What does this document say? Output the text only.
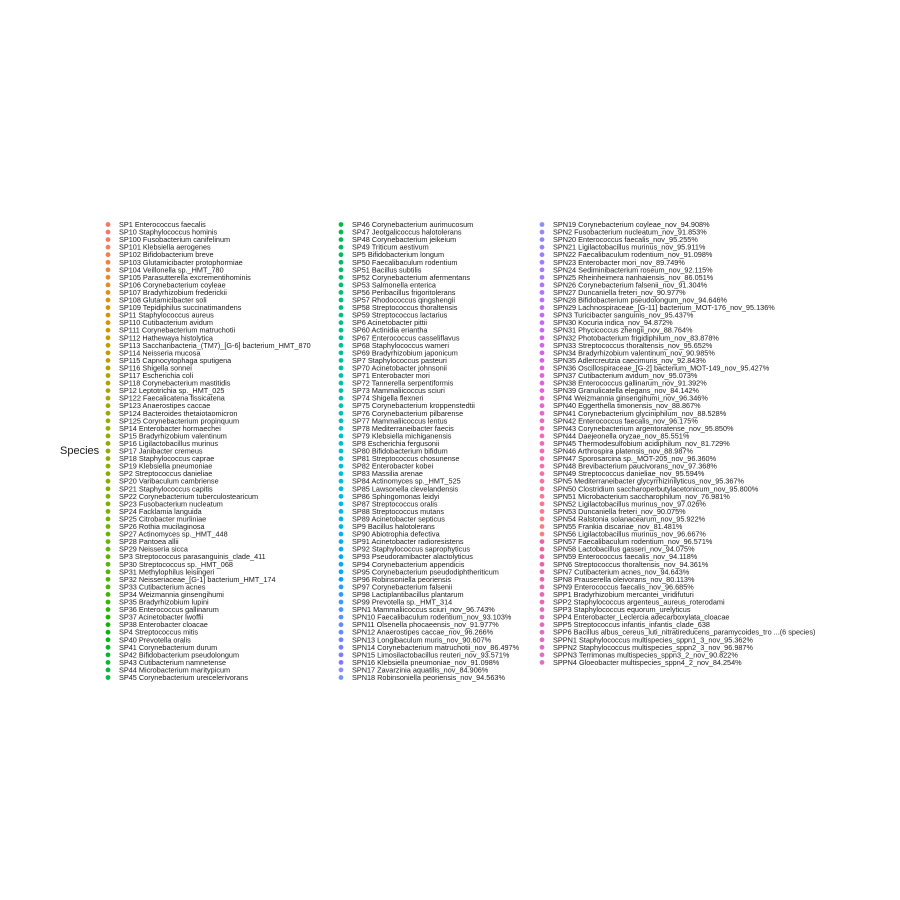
Species
SP1 Enterococcus faecalis
SP10 Staphylococcus hominis
SP100 Fusobacterium canifelinum
SP101 Klebsiella aerogenes
SP102 Bifidobacterium breve
SP103 Glutamicibacter protophormiae
SP104 Veillonella sp._HMT_780
SP105 Parasutterella excrementihominis
SP106 Corynebacterium coyleae
SP107 Bradyrhizobium frederickii
SP108 Glutamicibacter soli
SP109 Tepidiphilus succinatimandens
SP11 Staphylococcus aureus
SP110 Cutibacterium avidum
SP111 Corynebacterium matruchotii
SP112 Hathewaya histolytica
SP113 Saccharibacteria_(TM7)_[G-6] bacterium_HMT_870
SP114 Neisseria mucosa
SP115 Capnocytophaga sputigena
SP116 Shigella sonnei
SP117 Escherichia coli
SP118 Corynebacterium mastitidis
SP12 Leptotrichia sp._HMT_025
SP122 Faecalicatena fissicatena
SP123 Anaerostipes caccae
SP124 Bacteroides thetaiotaomicron
SP125 Corynebacterium propinquum
SP14 Enterobacter hormaechei
SP15 Bradyrhizobium valentinum
SP16 Ligilactobacillus murinus
SP17 Janibacter cremeus
SP18 Staphylococcus caprae
SP19 Klebsiella pneumoniae
SP2 Streptococcus danieliae
SP20 Varibaculum cambriense
SP21 Staphylococcus capitis
SP22 Corynebacterium tuberculostearicum
SP23 Fusobacterium nucleatum
SP24 Facklamia languida
SP25 Citrobacter murliniae
SP26 Rothia mucilaginosa
SP27 Actinomyces sp._HMT_448
SP28 Pantoea allii
SP29 Neisseria sicca
SP3 Streptococcus parasanguinis_clade_411
SP30 Streptococcus sp._HMT_068
SP31 Methylophilus leisingeri
SP32 Neisseriaceae_[G-1] bacterium_HMT_174
SP33 Cutibacterium acnes
SP34 Weizmannia ginsengihumi
SP35 Bradyrhizobium lupini
SP36 Enterococcus gallinarum
SP37 Acinetobacter lwoffii
SP38 Enterobacter cloacae
SP4 Streptococcus mitis
SP40 Prevotella oralis
SP41 Corynebacterium durum
SP42 Bifidobacterium pseudolongum
SP43 Cutibacterium namnetense
SP44 Microbacterium maritypicum
SP45 Corynebacterium ureicelerivorans
SP46 Corynebacterium aurimucosum
SP47 Jeotgalicoccus halotolerans
SP48 Corynebacterium jeikeium
SP49 Triticum aestivum
SP5 Bifidobacterium longum
SP50 Faecalibaculum rodentium
SP51 Bacillus subtilis
SP52 Corynebacterium afermentans
SP53 Salmonella enterica
SP56 Peribacillus frigoritolerans
SP57 Rhodococcus qingshengii
SP58 Streptococcus thoraltensis
SP59 Streptococcus lactarius
SP6 Acinetobacter pittii
SP60 Actinidia eriantha
SP67 Enterococcus casseliflavus
SP68 Staphylococcus warneri
SP69 Bradyrhizobium japonicum
SP7 Staphylococcus pasteuri
SP70 Acinetobacter johnsonii
SP71 Enterobacter mori
SP72 Tannerella serpentiformis
SP73 Mammaliicoccus sciuri
SP74 Shigella flexneri
SP75 Corynebacterium kroppenstedtii
SP76 Corynebacterium pilbarense
SP77 Mammaliicoccus lentus
SP78 Mediterraneibacter faecis
SP79 Klebsiella michiganensis
SP8 Escherichia fergusonii
SP80 Bifidobacterium bifidum
SP81 Streptococcus chosunense
SP82 Enterobacter kobei
SP83 Massilia arenae
SP84 Actinomyces sp._HMT_525
SP85 Lawsonella clevelandensis
SP86 Sphingomonas leidyi
SP87 Streptococcus oralis
SP88 Streptococcus mutans
SP89 Acinetobacter septicus
SP9 Bacillus halotolerans
SP90 Abiotrophia defectiva
SP91 Acinetobacter radioresistens
SP92 Staphylococcus saprophyticus
SP93 Pseudoramibacter alactolyticus
SP94 Corynebacterium appendicis
SP95 Corynebacterium pseudodiphtheriticum
SP96 Robinsoniella peoriensis
SP97 Corynebacterium falsenii
SP98 Lactiplantibacillus plantarum
SP99 Prevotella sp._HMT_314
SPN1 Mammaliicoccus sciuri_nov_96.743%
SPN10 Faecalibaculum rodentium_nov_93.103%
SPN11 Olsenella phocaeensis_nov_91.977%
SPN12 Anaerostipes caccae_nov_96.266%
SPN13 Longibaculum muris_nov_90.607%
SPN14 Corynebacterium matruchotii_nov_86.497%
SPN15 Limosilactobacillus reuteri_nov_93.571%
SPN16 Klebsiella pneumoniae_nov_91.098%
SPN17 Zavarzinia aquatilis_nov_84.906%
SPN18 Robinsoniella peoriensis_nov_94.563%
SPN19 Corynebacterium coyleae_nov_94.908%
SPN2 Fusobacterium nucleatum_nov_91.853%
SPN20 Enterococcus faecalis_nov_95.255%
SPN21 Ligilactobacillus murinus_nov_95.911%
SPN22 Faecalibaculum rodentium_nov_91.098%
SPN23 Enterobacter mori_nov_89.749%
SPN24 Sediminibacterium roseum_nov_92.115%
SPN25 Rheinheimera nanhaiensis_nov_86.051%
SPN26 Corynebacterium falsenii_nov_91.304%
SPN27 Duncaniella freteri_nov_90.977%
SPN28 Bifidobacterium pseudolongum_nov_94.646%
SPN29 Lachnospiraceae_[G-11] bacterium_MOT-176_nov_95.136%
SPN3 Turicibacter sanguinis_nov_95.437%
SPN30 Kocuria indica_nov_94.872%
SPN31 Phycicoccus zhengii_nov_88.764%
SPN32 Photobacterium frigidiphilum_nov_83.878%
SPN33 Streptococcus thoraltensis_nov_95.652%
SPN34 Bradyrhizobium valentinum_nov_90.985%
SPN35 Adlercreutzia caecimuris_nov_92.843%
SPN36 Oscillospiraceae_[G-2] bacterium_MOT-149_nov_95.427%
SPN37 Cutibacterium avidum_nov_95.073%
SPN38 Enterococcus gallinarum_nov_91.392%
SPN39 Granulicatella elegans_nov_84.142%
SPN4 Weizmannia ginsengihumi_nov_96.346%
SPN40 Eggerthella timonensis_nov_88.867%
SPN41 Corynebacterium glyciniphilum_nov_88.528%
SPN42 Enterococcus faecalis_nov_96.175%
SPN43 Corynebacterium argentoratense_nov_95.850%
SPN44 Daejeonella oryzae_nov_85.551%
SPN45 Thermodesulfobium acidiphilum_nov_81.729%
SPN46 Arthrospira platensis_nov_88.987%
SPN47 Sporosarcina sp._MOT-205_nov_96.360%
SPN48 Brevibacterium paucivorans_nov_97.368%
SPN49 Streptococcus danieliae_nov_95.594%
SPN5 Mediterraneibacter glycyrrhizinilyticus_nov_95.367%
SPN50 Clostridium saccharoperbutylacetonicum_nov_95.800%
SPN51 Microbacterium saccharophilum_nov_76.981%
SPN52 Ligilactobacillus murinus_nov_97.026%
SPN53 Duncaniella freteri_nov_90.075%
SPN54 Ralstonia solanacearum_nov_95.922%
SPN55 Frankia discariae_nov_81.481%
SPN56 Ligilactobacillus murinus_nov_96.667%
SPN57 Faecalibaculum rodentium_nov_96.571%
SPN58 Lactobacillus gasseri_nov_94.075%
SPN59 Enterococcus faecalis_nov_94.118%
SPN6 Streptococcus thoraltensis_nov_94.361%
SPN7 Cutibacterium acnes_nov_94.643%
SPN8 Prauserella oleivorans_nov_80.113%
SPN9 Enterococcus faecalis_nov_96.685%
SPP1 Bradyrhizobium mercantei_viridifuturi
SPP2 Staphylococcus argenteus_aureus_roterodami
SPP3 Staphylococcus equorum_urelyticus
SPP4 Enterobacter_Leclercia adecarboxylata_cloacae
SPP5 Streptococcus infantis_infantis_clade_638
SPP6 Bacillus albus_cereus_luti_nitratireducens_paramycoides_tro ...(6 species)
SPPN1 Staphylococcus multispecies_sppn1_3_nov_95.362%
SPPN2 Staphylococcus multispecies_sppn2_3_nov_96.987%
SPPN3 Terrimonas multispecies_sppn3_2_nov_90.822%
SPPN4 Gloeobacter multispecies_sppn4_2_nov_84.254%
